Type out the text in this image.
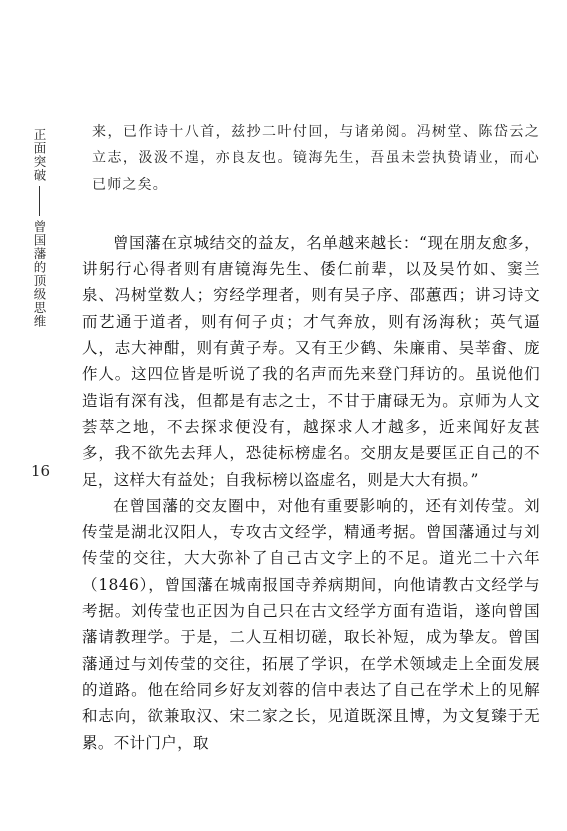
正面突破
曾国藩的顶级思维
16

来，已作诗十八首，兹抄二叶付回，与诸弟阅。冯树堂、陈岱云之立志，汲汲不遑，亦良友也。镜海先生，吾虽未尝执贽请业，而心已师之矣。

曾国藩在京城结交的益友，名单越来越长：“现在朋友愈多，讲躬行心得者则有唐镜海先生、倭仁前辈，以及吴竹如、窦兰泉、冯树堂数人；穷经学理者，则有吴子序、邵蕙西；讲习诗文而艺通于道者，则有何子贞；才气奔放，则有汤海秋；英气逼人，志大神酣，则有黄子寿。又有王少鹤、朱廉甫、吴莘畬、庞作人。这四位皆是听说了我的名声而先来登门拜访的。虽说他们造诣有深有浅，但都是有志之士，不甘于庸碌无为。京师为人文荟萃之地，不去探求便没有，越探求人才越多，近来闻好友甚多，我不欲先去拜人，恐徒标榜虚名。交朋友是要匡正自己的不足，这样大有益处；自我标榜以盗虚名，则是大大有损。”

在曾国藩的交友圈中，对他有重要影响的，还有刘传莹。刘传莹是湖北汉阳人，专攻古文经学，精通考据。曾国藩通过与刘传莹的交往，大大弥补了自己古文字上的不足。道光二十六年（1846），曾国藩在城南报国寺养病期间，向他请教古文经学与考据。刘传莹也正因为自己只在古文经学方面有造诣，遂向曾国藩请教理学。于是，二人互相切磋，取长补短，成为挚友。曾国藩通过与刘传莹的交往，拓展了学识，在学术领域走上全面发展的道路。他在给同乡好友刘蓉的信中表达了自己在学术上的见解和志向，欲兼取汉、宋二家之长，见道既深且博，为文复臻于无累。不计门户，取
